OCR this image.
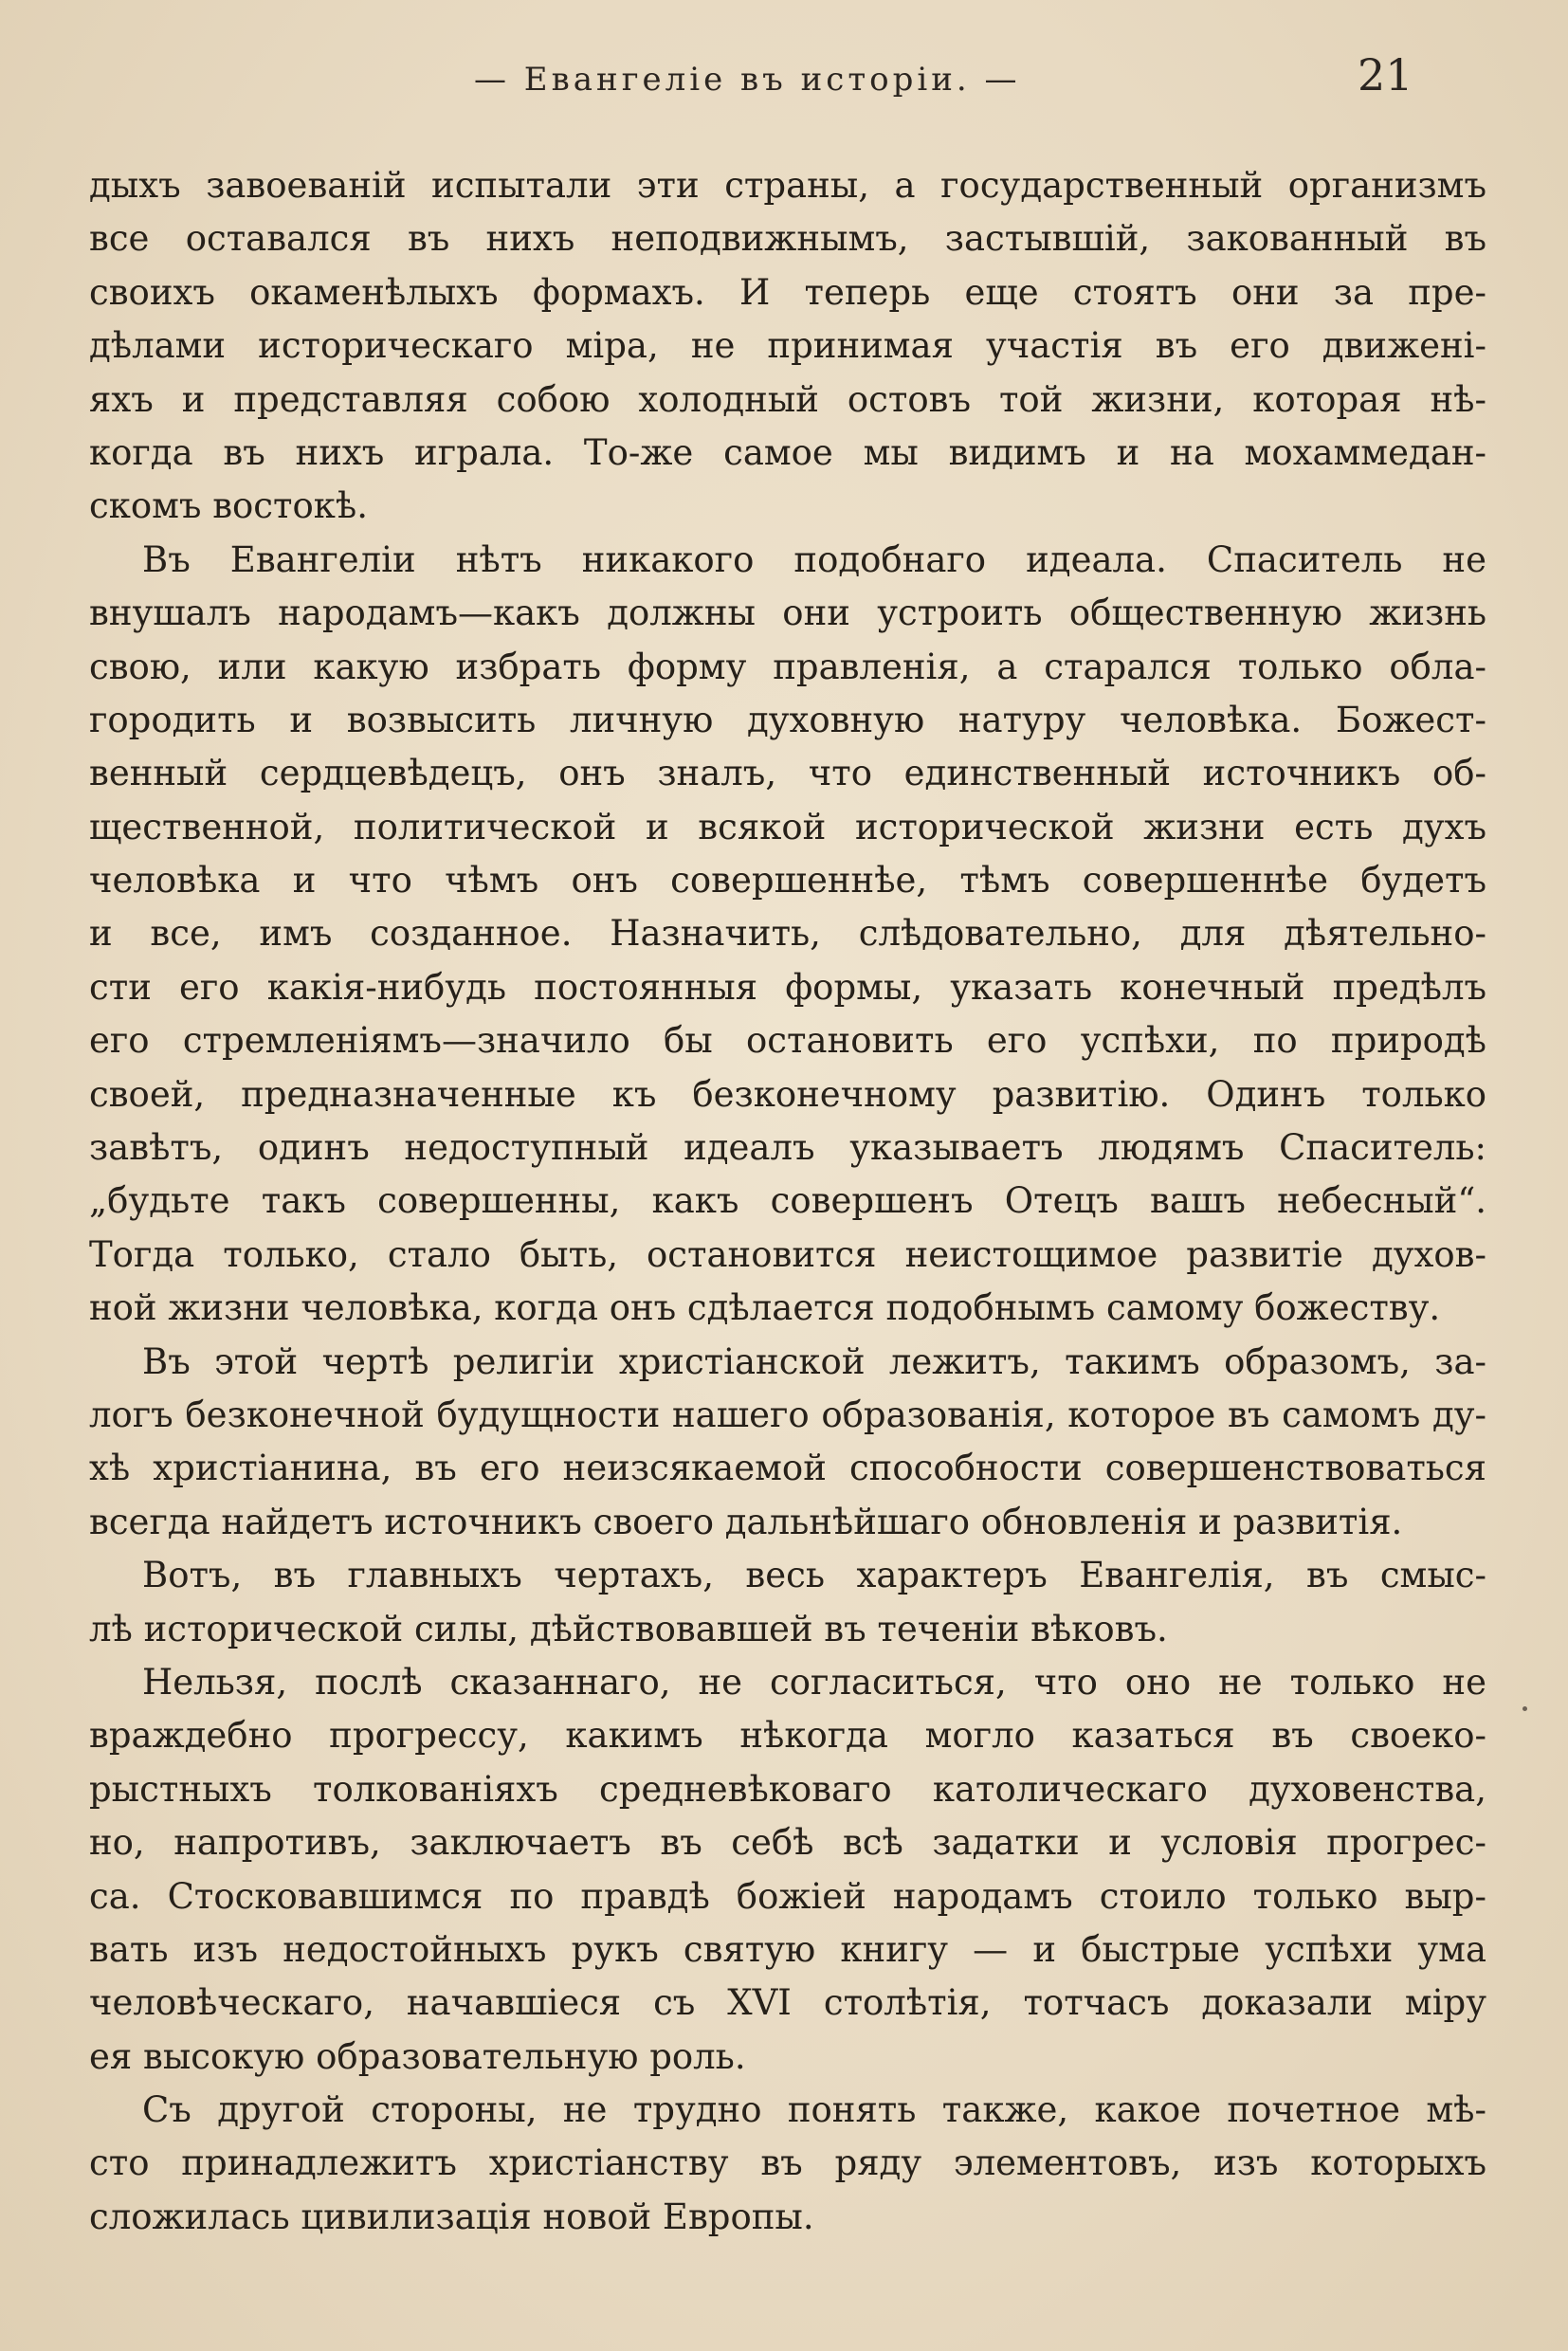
— Евангеліе въ исторіи. —	21
дыхъ завоеваній испытали эти страны, а государственный организмъ
все оставался въ нихъ неподвижнымъ, застывшій, закованный въ
своихъ окаменѣлыхъ формахъ. И теперь еще стоятъ они за пре-
дѣлами историческаго міра, не принимая участія въ его движені-
яхъ и представляя собою холодный остовъ той жизни, которая нѣ-
когда въ нихъ играла. То-же самое мы видимъ и на мохаммедан-
скомъ востокѣ.
Въ Евангеліи нѣтъ никакого подобнаго идеала. Спаситель не
внушалъ народамъ—какъ должны они устроить общественную жизнь
свою, или какую избрать форму правленія, а старался только обла-
городить и возвысить личную духовную натуру человѣка. Божест-
венный сердцевѣдецъ, онъ зналъ, что единственный источникъ об-
щественной, политической и всякой исторической жизни есть духъ
человѣка и что чѣмъ онъ совершеннѣе, тѣмъ совершеннѣе будетъ
и все, имъ созданное. Назначить, слѣдовательно, для дѣятельно-
сти его какія-нибудь постоянныя формы, указать конечный предѣлъ
его стремленіямъ—значило бы остановить его успѣхи, по природѣ
своей, предназначенные къ безконечному развитію. Одинъ только
завѣтъ, одинъ недоступный идеалъ указываетъ людямъ Спаситель:
„будьте такъ совершенны, какъ совершенъ Отецъ вашъ небесный“.
Тогда только, стало быть, остановится неистощимое развитіе духов-
ной жизни человѣка, когда онъ сдѣлается подобнымъ самому божеству.
Въ этой чертѣ религіи христіанской лежитъ, такимъ образомъ, за-
логъ безконечной будущности нашего образованія, которое въ самомъ ду-
хѣ христіанина, въ его неизсякаемой способности совершенствоваться
всегда найдетъ источникъ своего дальнѣйшаго обновленія и развитія.
Вотъ, въ главныхъ чертахъ, весь характеръ Евангелія, въ смыс-
лѣ исторической силы, дѣйствовавшей въ теченіи вѣковъ.
Нельзя, послѣ сказаннаго, не согласиться, что оно не только не
враждебно прогрессу, какимъ нѣкогда могло казаться въ своеко-
рыстныхъ толкованіяхъ средневѣковаго католическаго духовенства,
но, напротивъ, заключаетъ въ себѣ всѣ задатки и условія прогрес-
са. Стосковавшимся по правдѣ божіей народамъ стоило только выр-
вать изъ недостойныхъ рукъ святую книгу — и быстрые успѣхи ума
человѣческаго, начавшіеся съ XVI столѣтія, тотчасъ доказали міру
ея высокую образовательную роль.
Съ другой стороны, не трудно понять также, какое почетное мѣ-
сто принадлежитъ христіанству въ ряду элементовъ, изъ которыхъ
сложилась цивилизація новой Европы.
